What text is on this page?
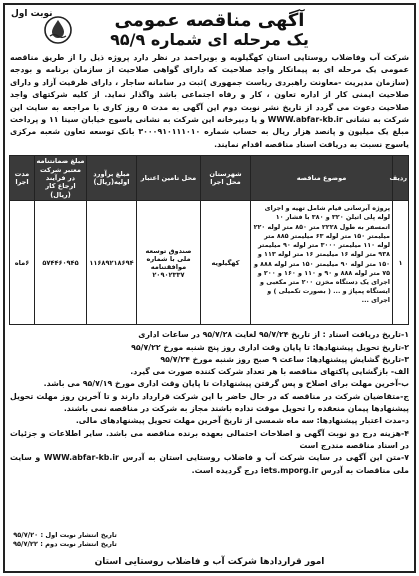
نوبت اول	آگهی مناقصه عمومی
یک مرحله ای شماره ۹۵/۹
شرکت آب وفاضلاب روستایی استان کهگیلویه و بویراحمد در نظر دارد پروژه ذیل را از طریق مناقصه عمومی یک مرحله ای به پیمانکار واجد صلاحیت که دارای گواهی صلاحیت از سازمان برنامه و بودجه (سازمان مدیریت -معاونت راهبردی ریاست جمهوری )ثبت در سامانه ساجار ، دارای ظرفیت آزاد و دارای صلاحیت ایمنی کار از اداره تعاون ، کار و رفاه اجتماعی باشد واگذار نماید. از کلیه شرکتهای واجد صلاحیت دعوت می گردد از تاریخ نشر نوبت دوم این آگهی به مدت ۵ روز کاری با مراجعه به سایت این شرکت به نشانی WWW.abfar-kb.ir و یا دبیرخانه این شرکت به نشانی یاسوج خیابان سینا ۱۱ و پرداخت مبلغ یک میلیون و پانصد هزار ریال به حساب شماره ۳۰۰۰۹۱۰۱۱۱۰۱۰ بانک توسعه تعاون شعبه مرکزی یاسوج نسبت به دریافت اسناد مناقصه اقدام نمایند.
ردیف	موضوع مناقصه	شهرستان محل اجرا	محل تامین اعتبار	مبلغ برآورد اولیه(ریال)	مبلغ ضمانتنامه معتبر شرکت در فرآیند ارجاع کار (ریال)	مدت اجرا
۱	پروژه آبرسانی قیام شامل تهیه و اجرای لوله پلی اتیلن ۳۲۰ و ۳۸۰ با فشار ۱۰ اتمسفر به طول ۲۲۲۸ متر ۸۵۰ متر لوله ۲۲۰ میلیمتر ۱۵۰ متر لوله ۶۳ میلیمتر ۸۸۵ متر لوله ۱۱۰ میلیمتر ۳۰۰۰ متر لوله ۹۰ میلیمتر ۹۳۸ متر لوله ۱۶ میلیمتر ۱۶ متر لوله ۱۱۳ و ۱۵۰ متر لوله ۹۰ میلیمتر ۱۵۰ متر لوله ۸۸۸ و ۷۵ متر لوله ۸۸۸ و ۹۰ و ۱۱۰ و ۱۶۰ و ۲۰۰ و اجرای یک دستگاه مخزن ۲۰۰ متر مکعبی و ایستگاه پمپاژ و ... ( بصورت تکمیلی ) و اجرای ...	کهگیلویه	صندوق توسعه ملی با شماره موافقتنامه ۲۰۹۰۲۳۳۷	۱۱۶۸۹۲۱۸۶۹۴	۵۷۴۴۶۰۹۴۵	۶ماه

۱-تاریخ دریافت اسناد : از تاریخ ۹۵/۷/۲۴ لغایت ۹۵/۷/۲۸ در ساعات اداری

۲-تاریخ تحویل پیشنهادها: تا پایان وقت اداری روز پنج شنبه مورخ ۹۵/۷/۲۲

۳-تاریخ گشایش پیشنهادها: ساعت ۹ صبح روز شنبه مورخ ۹۵/۷/۲۴

الف- بازگشایی پاکتهای مناقصه با هر تعداد شرکت کننده صورت می گیرد.

ب-آخرین مهلت برای اصلاح و پس گرفتن پیشنهادات تا پایان وقت اداری مورخ ۹۵/۷/۱۹ می باشد.

ج-متقاضیان شرکت در مناقصه که در حال حاضر با این شرکت قرارداد دارند و تا آخرین روز مهلت تحویل پیشنهادها پیمان منعقده را تحویل موقت نداده باشند مجاز به شرکت در مناقصه نمی باشند.

د-مدت اعتبار پیشنهادها: سه ماه شمسی از تاریخ آخرین مهلت تحویل پیشنهادهای مالی.

۴-هزینه درج دو نوبت آگهی و اصلاحات احتمالی بعهده برنده مناقصه می باشد. سایر اطلاعات و جزئیات در اسناد مناقصه مندرج است

۷-متن این آگهی در سایت شرکت آب و فاضلاب روستایی استان به آدرس WWW.abfar-kb.ir و سایت ملی مناقصات به آدرس iets.mporg.ir درج گردیده است.

تاریخ انتشار نوبت اول : ۹۵/۷/۲۰
تاریخ انتشار نوبت دوم : ۹۵/۷/۲۲
امور قراردادها شرکت آب و فاضلاب روستایی استان
